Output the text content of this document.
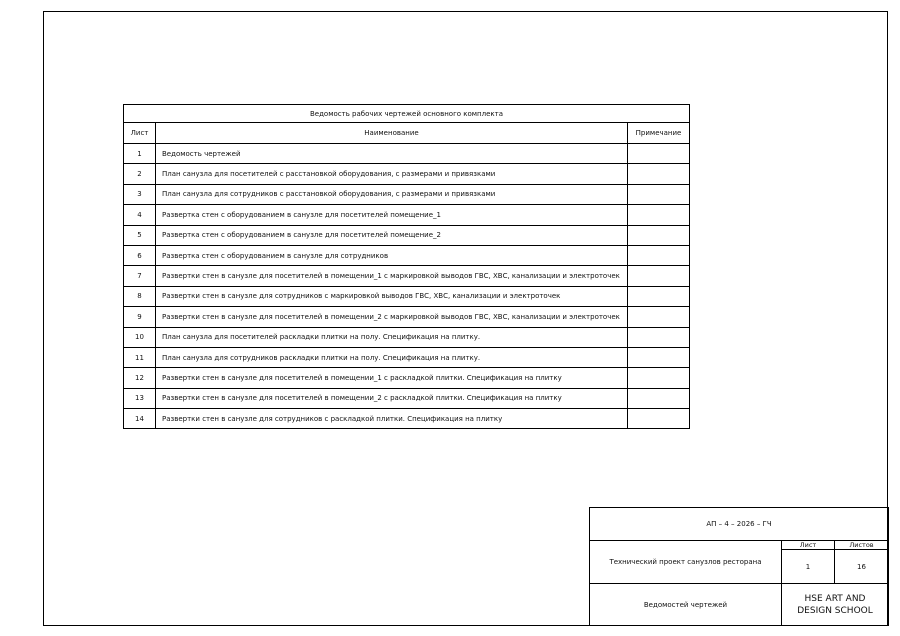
Ведомость рабочих чертежей основного комплекта		
Лист	Наименование	Примечание
1	Ведомость чертежей	
2	План санузла для посетителей с расстановкой оборудования, с размерами и привязками	
3	План санузла для сотрудников с расстановкой оборудования, с размерами и привязками	
4	Развертка стен с оборудованием в санузле для посетителей помещение_1	
5	Развертка стен с оборудованием в санузле для посетителей помещение_2	
6	Развертка стен с оборудованием в санузле для сотрудников	
7	Развертки стен в санузле для посетителей в помещении_1 с маркировкой выводов ГВС, ХВС, канализации и электроточек	
8	Развертки стен в санузле для сотрудников с маркировкой выводов ГВС, ХВС, канализации и электроточек	
9	Развертки стен в санузле для посетителей в помещении_2 с маркировкой выводов ГВС, ХВС, канализации и электроточек	
10	План санузла для посетителей раскладки плитки на полу. Спецификация на плитку.	
11	План санузла для сотрудников раскладки плитки на полу. Спецификация на плитку.	
12	Развертки стен в санузле для посетителей в помещении_1 с раскладкой плитки. Спецификация на плитку	
13	Развертки стен в санузле для посетителей в помещении_2 с раскладкой плитки. Спецификация на плитку	
14	Развертки стен в санузле для сотрудников с раскладкой плитки. Спецификация на плитку	
АП – 4 – 2026 – ГЧ
Технический проект санузлов ресторана
Лист	Листов
1	16
Ведомостей чертежей
HSE ART AND DESIGN SCHOOL
